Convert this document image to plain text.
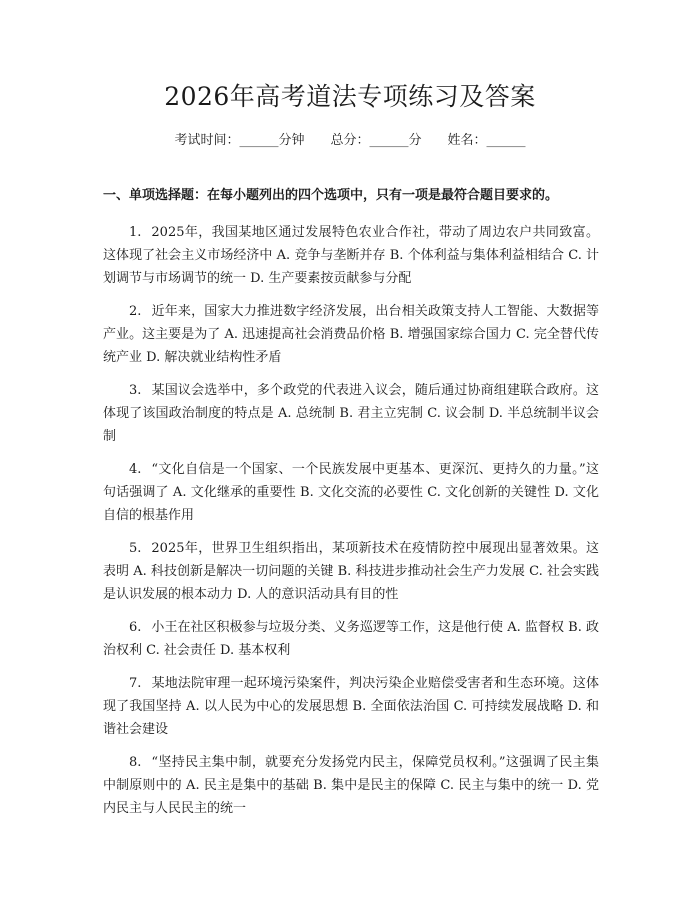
2026年高考道法专项练习及答案
考试时间：______分钟 总分：______分 姓名：______
一、单项选择题：在每小题列出的四个选项中，只有一项是最符合题目要求的。

1. 2025年，我国某地区通过发展特色农业合作社，带动了周边农户共同致富。这体现了社会主义市场经济中 A. 竞争与垄断并存 B. 个体利益与集体利益相结合 C. 计划调节与市场调节的统一 D. 生产要素按贡献参与分配

2. 近年来，国家大力推进数字经济发展，出台相关政策支持人工智能、大数据等产业。这主要是为了 A. 迅速提高社会消费品价格 B. 增强国家综合国力 C. 完全替代传统产业 D. 解决就业结构性矛盾

3. 某国议会选举中，多个政党的代表进入议会，随后通过协商组建联合政府。这体现了该国政治制度的特点是 A. 总统制 B. 君主立宪制 C. 议会制 D. 半总统制半议会制

4. “文化自信是一个国家、一个民族发展中更基本、更深沉、更持久的力量。”这句话强调了 A. 文化继承的重要性 B. 文化交流的必要性 C. 文化创新的关键性 D. 文化自信的根基作用

5. 2025年，世界卫生组织指出，某项新技术在疫情防控中展现出显著效果。这表明 A. 科技创新是解决一切问题的关键 B. 科技进步推动社会生产力发展 C. 社会实践是认识发展的根本动力 D. 人的意识活动具有目的性

6. 小王在社区积极参与垃圾分类、义务巡逻等工作，这是他行使 A. 监督权 B. 政治权利 C. 社会责任 D. 基本权利

7. 某地法院审理一起环境污染案件，判决污染企业赔偿受害者和生态环境。这体现了我国坚持 A. 以人民为中心的发展思想 B. 全面依法治国 C. 可持续发展战略 D. 和谐社会建设

8. “坚持民主集中制，就要充分发扬党内民主，保障党员权利。”这强调了民主集中制原则中的 A. 民主是集中的基础 B. 集中是民主的保障 C. 民主与集中的统一 D. 党内民主与人民民主的统一
